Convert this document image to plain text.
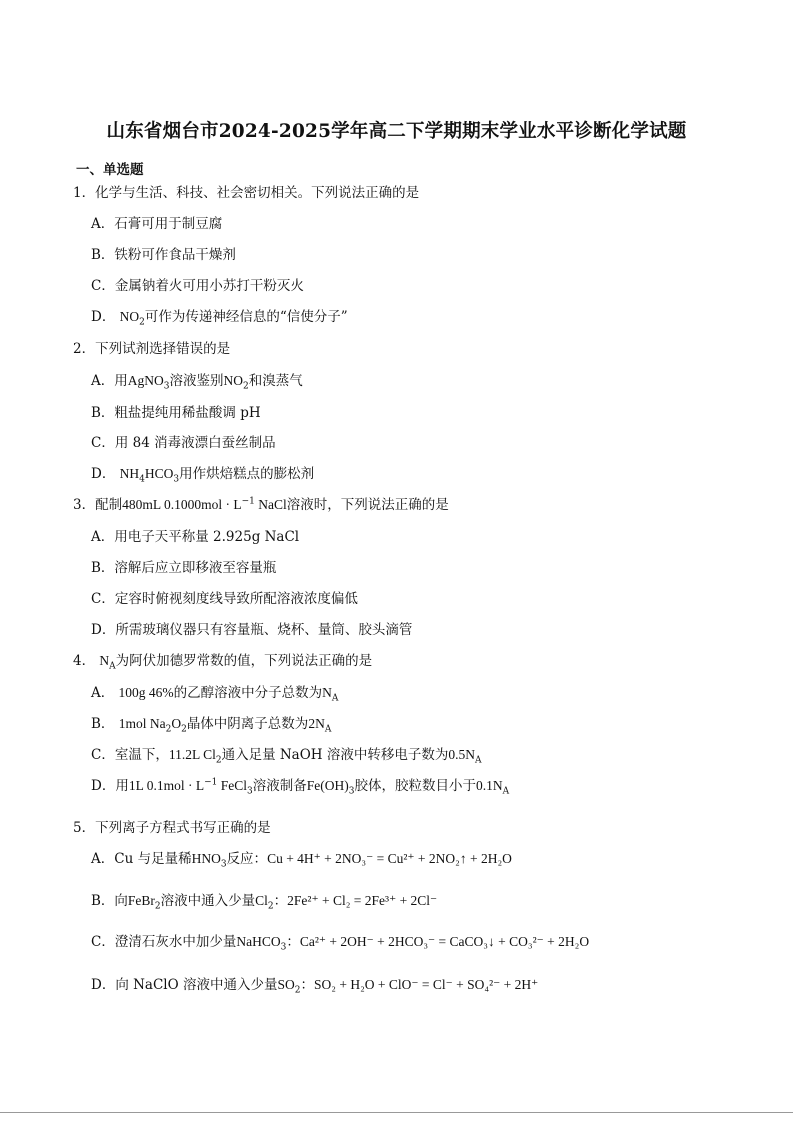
山东省烟台市2024-2025学年高二下学期期末学业水平诊断化学试题
一、单选题
1．化学与生活、科技、社会密切相关。下列说法正确的是
A．石膏可用于制豆腐
B．铁粉可作食品干燥剂
C．金属钠着火可用小苏打干粉灭火
D． $NO_2$可作为传递神经信息的“信使分子”
2．下列试剂选择错误的是
A．用AgNO$_3$溶液鉴别$NO_2$和溴蒸气
B．粗盐提纯用稀盐酸调 pH
C．用 84 消毒液漂白蚕丝制品
D． $NH_4HCO_3$用作烘焙糕点的膨松剂
3．配制480mL $0.1000mol \cdot L^{-1}$ NaCl溶液时，下列说法正确的是
A．用电子天平称量 2.925g NaCl
B．溶解后应立即移液至容量瓶
C．定容时俯视刻度线导致所配溶液浓度偏低
D．所需玻璃仪器只有容量瓶、烧杯、量筒、胶头滴管
4． $N_A$为阿伏加德罗常数的值，下列说法正确的是
A． 100g 46%的乙醇溶液中分子总数为$N_A$
B． 1mol $Na_2O_2$晶体中阴离子总数为$2N_A$
C．室温下，11.2L $Cl_2$通入足量 NaOH 溶液中转移电子数为$0.5N_A$
D．用1L $0.1mol \cdot L^{-1}$ FeCl$_3$溶液制备$Fe(OH)_3$胶体，胶粒数目小于$0.1N_A$
5．下列离子方程式书写正确的是
A．Cu 与足量稀$HNO_3$反应：Cu + 4H⁺ + 2NO₃⁻ = Cu²⁺ + 2NO₂↑ + 2H₂O
B．向FeBr$_2$溶液中通入少量$Cl_2$：2Fe²⁺ + Cl₂ = 2Fe³⁺ + 2Cl⁻
C．澄清石灰水中加少量NaHCO$_3$：Ca²⁺ + 2OH⁻ + 2HCO₃⁻ = CaCO₃↓ + CO₃²⁻ + 2H₂O
D．向 NaClO 溶液中通入少量$SO_2$：SO₂ + H₂O + ClO⁻ = Cl⁻ + SO₄²⁻ + 2H⁺
